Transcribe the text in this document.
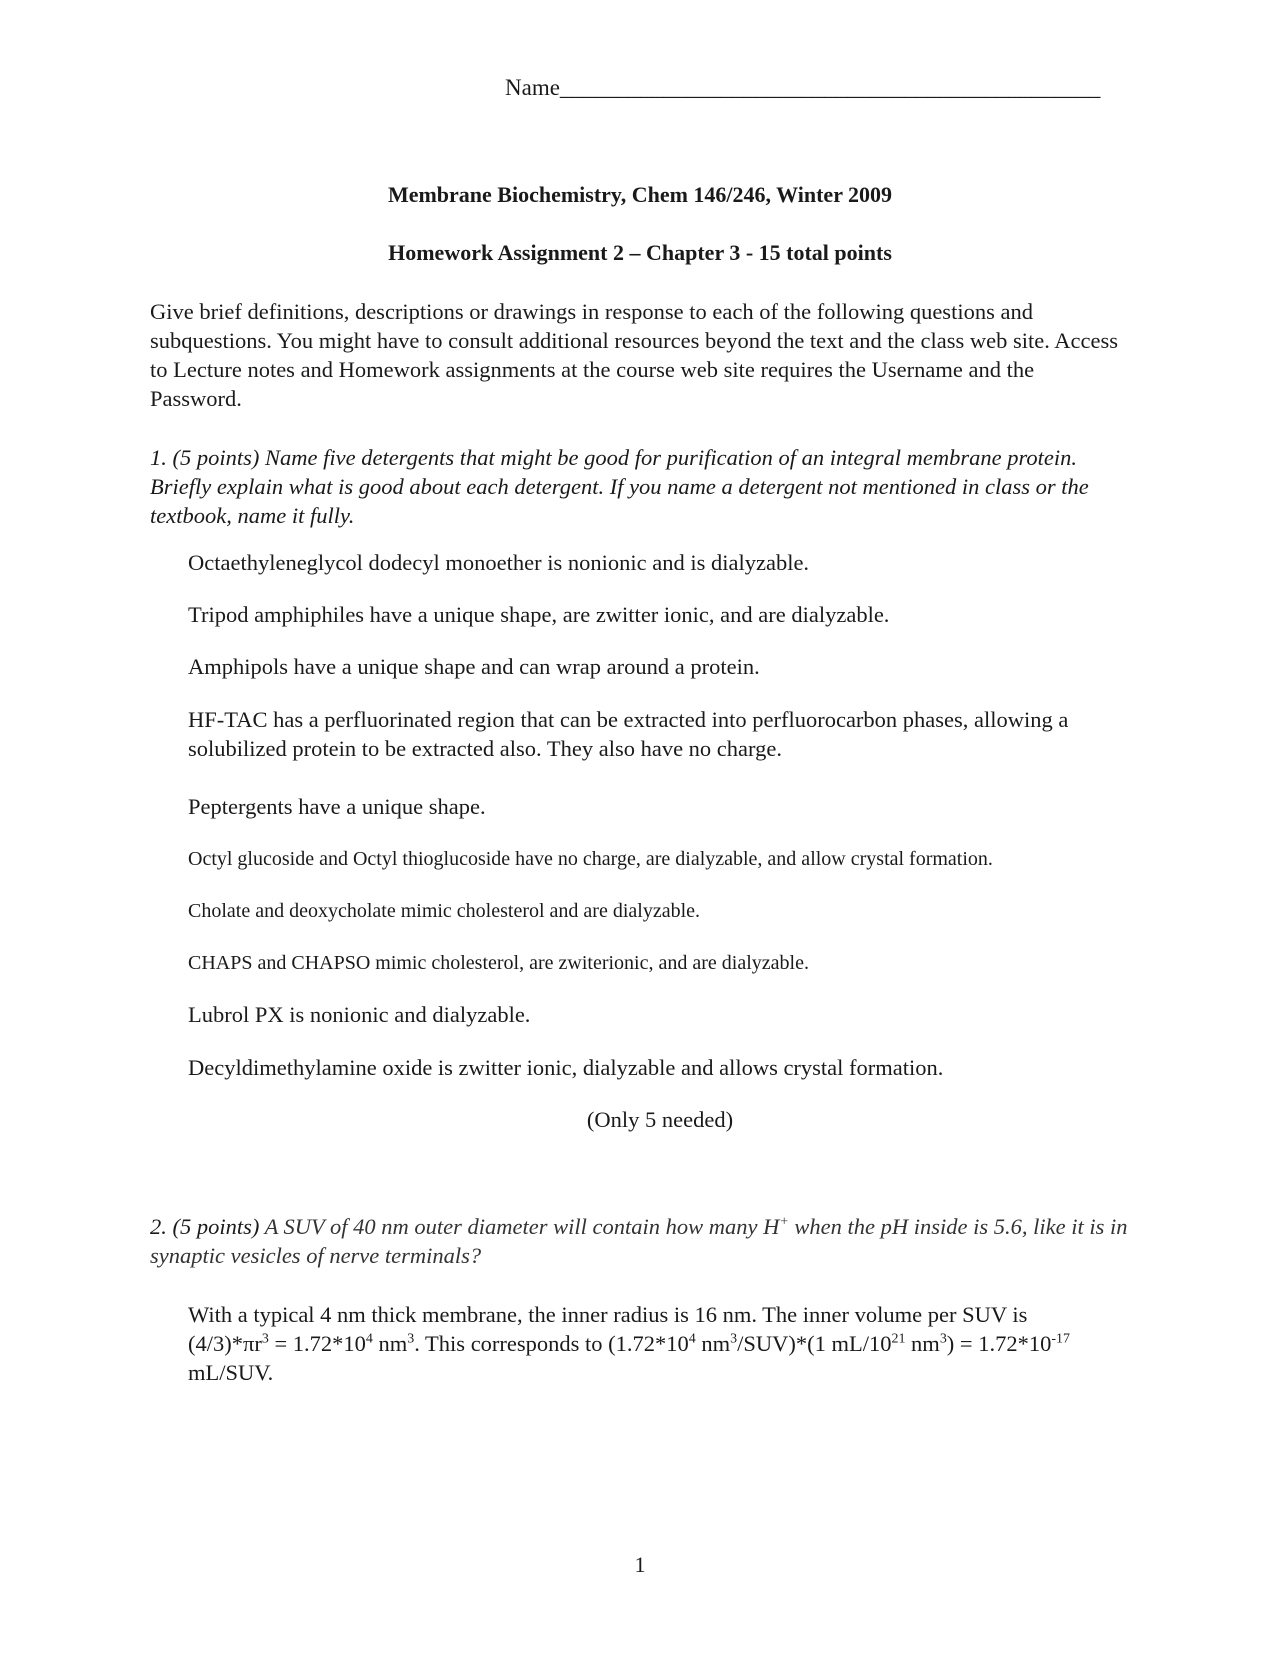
Name_______________________________________________
Membrane Biochemistry, Chem 146/246, Winter 2009
Homework Assignment 2 – Chapter 3 - 15 total points
Give brief definitions, descriptions or drawings in response to each of the following questions and subquestions. You might have to consult additional resources beyond the text and the class web site. Access to Lecture notes and Homework assignments at the course web site requires the Username and the Password.
1. (5 points) Name five detergents that might be good for purification of an integral membrane protein. Briefly explain what is good about each detergent. If you name a detergent not mentioned in class or the textbook, name it fully.
Octaethyleneglycol dodecyl monoether is nonionic and is dialyzable.
Tripod amphiphiles have a unique shape, are zwitter ionic, and are dialyzable.
Amphipols have a unique shape and can wrap around a protein.
HF-TAC has a perfluorinated region that can be extracted into perfluorocarbon phases, allowing a solubilized protein to be extracted also. They also have no charge.
Peptergents have a unique shape.
Octyl glucoside and Octyl thioglucoside have no charge, are dialyzable, and allow crystal formation.
Cholate and deoxycholate mimic cholesterol and are dialyzable.
CHAPS and CHAPSO mimic cholesterol, are zwiterionic, and are dialyzable.
Lubrol PX is nonionic and dialyzable.
Decyldimethylamine oxide is zwitter ionic, dialyzable and allows crystal formation.
(Only 5 needed)
2. (5 points) A SUV of 40 nm outer diameter will contain how many H+ when the pH inside is 5.6, like it is in synaptic vesicles of nerve terminals?
With a typical 4 nm thick membrane, the inner radius is 16 nm. The inner volume per SUV is
$(4/3)*\pi r^3 = 1.72*10^4$ $nm^3$. This corresponds to ($1.72*10^4$ $nm^3/SUV)*(1$ $mL/10^{21}$ $nm^3) = 1.72*10^{-17}$ mL/SUV.
1
